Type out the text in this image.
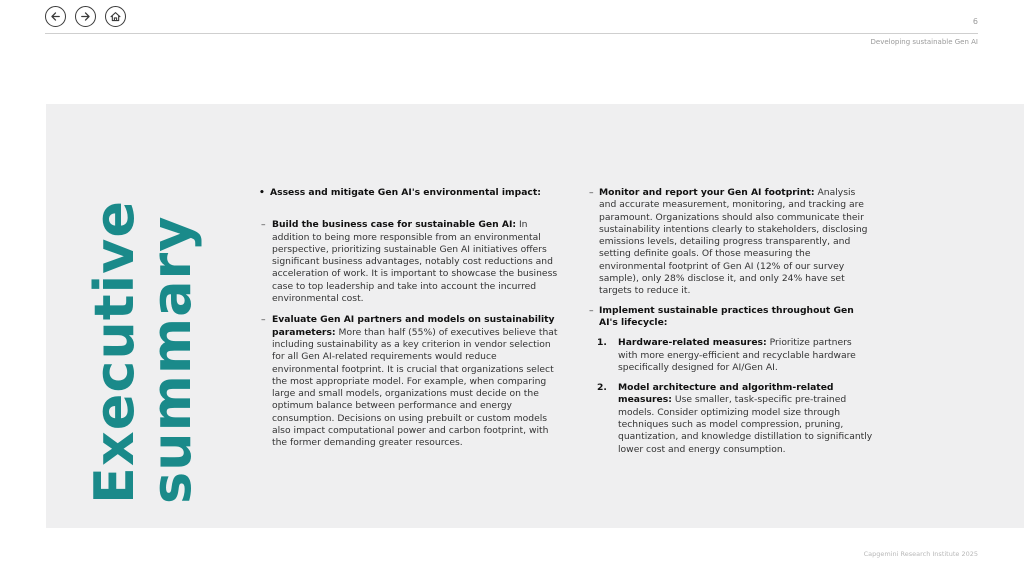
6
Developing sustainable Gen AI
Executive
summary
• Assess and mitigate Gen AI's environmental impact:
– Build the business case for sustainable Gen AI: In addition to being more responsible from an environmental perspective, prioritizing sustainable Gen AI initiatives offers significant business advantages, notably cost reductions and acceleration of work. It is important to showcase the business case to top leadership and take into account the incurred environmental cost.
– Evaluate Gen AI partners and models on sustainability parameters: More than half (55%) of executives believe that including sustainability as a key criterion in vendor selection for all Gen AI-related requirements would reduce environmental footprint. It is crucial that organizations select the most appropriate model. For example, when comparing large and small models, organizations must decide on the optimum balance between performance and energy consumption. Decisions on using prebuilt or custom models also impact computational power and carbon footprint, with the former demanding greater resources.
– Monitor and report your Gen AI footprint: Analysis and accurate measurement, monitoring, and tracking are paramount. Organizations should also communicate their sustainability intentions clearly to stakeholders, disclosing emissions levels, detailing progress transparently, and setting definite goals. Of those measuring the environmental footprint of Gen AI (12% of our survey sample), only 28% disclose it, and only 24% have set targets to reduce it.
– Implement sustainable practices throughout Gen AI's lifecycle:
1.	Hardware-related measures: Prioritize partners with more energy-efficient and recyclable hardware specifically designed for AI/Gen AI.
2.	Model architecture and algorithm-related measures: Use smaller, task-specific pre-trained models. Consider optimizing model size through techniques such as model compression, pruning, quantization, and knowledge distillation to significantly lower cost and energy consumption.
Capgemini Research Institute 2025
